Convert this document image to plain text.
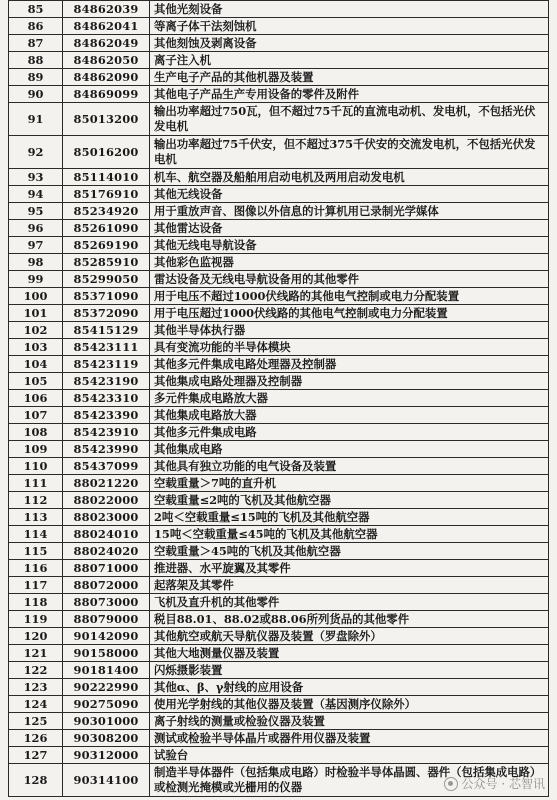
85	84862039	其他光刻设备
86	84862041	等离子体干法刻蚀机
87	84862049	其他刻蚀及剥离设备
88	84862050	离子注入机
89	84862090	生产电子产品的其他机器及装置
90	84869099	其他电子产品生产专用设备的零件及附件
91	85013200	输出功率超过750瓦，但不超过75千瓦的直流电动机、发电机，不包括光伏发电机
92	85016200	输出功率超过75千伏安，但不超过375千伏安的交流发电机，不包括光伏发电机
93	85114010	机车、航空器及船舶用启动电机及两用启动发电机
94	85176910	其他无线设备
95	85234920	用于重放声音、图像以外信息的计算机用已录制光学媒体
96	85261090	其他雷达设备
97	85269190	其他无线电导航设备
98	85285910	其他彩色监视器
99	85299050	雷达设备及无线电导航设备用的其他零件
100	85371090	用于电压不超过1000伏线路的其他电气控制或电力分配装置
101	85372090	用于电压超过1000伏线路的其他电气控制或电力分配装置
102	85415129	其他半导体执行器
103	85423111	具有变流功能的半导体模块
104	85423119	其他多元件集成电路处理器及控制器
105	85423190	其他集成电路处理器及控制器
106	85423310	多元件集成电路放大器
107	85423390	其他集成电路放大器
108	85423910	其他多元件集成电路
109	85423990	其他集成电路
110	85437099	其他具有独立功能的电气设备及装置
111	88021220	空载重量＞7吨的直升机
112	88022000	空载重量≤2吨的飞机及其他航空器
113	88023000	2吨＜空载重量≤15吨的飞机及其他航空器
114	88024010	15吨＜空载重量≤45吨的飞机及其他航空器
115	88024020	空载重量＞45吨的飞机及其他航空器
116	88071000	推进器、水平旋翼及其零件
117	88072000	起落架及其零件
118	88073000	飞机及直升机的其他零件
119	88079000	税目88.01、88.02或88.06所列货品的其他零件
120	90142090	其他航空或航天导航仪器及装置（罗盘除外）
121	90158000	其他大地测量仪器及装置
122	90181400	闪烁摄影装置
123	90222990	其他α、β、γ射线的应用设备
124	90275090	使用光学射线的其他仪器及装置（基因测序仪除外）
125	90301000	离子射线的测量或检验仪器及装置
126	90308200	测试或检验半导体晶片或器件用仪器及装置
127	90312000	试验台
128	90314100	制造半导体器件（包括集成电路）时检验半导体晶圆、器件（包括集成电路）或检测光掩模或光栅用的仪器	公众号 · 芯智讯
